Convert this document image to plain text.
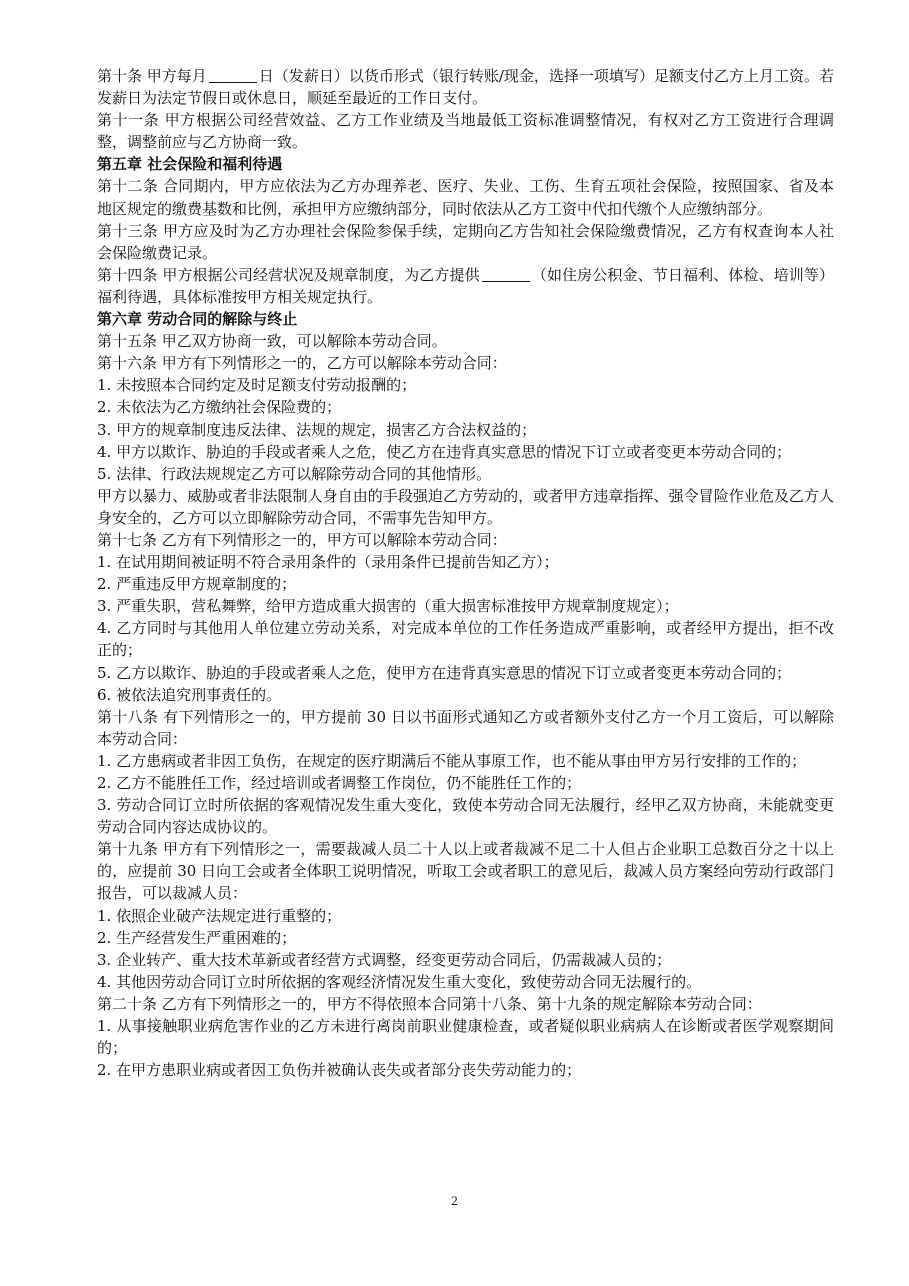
第十条 甲方每月	日（发薪日）以货币形式（银行转账/现金，选择一项填写）足额支付乙方上月工资。若发薪日为法定节假日或休息日，顺延至最近的工作日支付。

第十一条 甲方根据公司经营效益、乙方工作业绩及当地最低工资标准调整情况，有权对乙方工资进行合理调整，调整前应与乙方协商一致。

第五章 社会保险和福利待遇

第十二条 合同期内，甲方应依法为乙方办理养老、医疗、失业、工伤、生育五项社会保险，按照国家、省及本地区规定的缴费基数和比例，承担甲方应缴纳部分，同时依法从乙方工资中代扣代缴个人应缴纳部分。

第十三条 甲方应及时为乙方办理社会保险参保手续，定期向乙方告知社会保险缴费情况，乙方有权查询本人社会保险缴费记录。

第十四条 甲方根据公司经营状况及规章制度，为乙方提供	（如住房公积金、节日福利、体检、培训等）福利待遇，具体标准按甲方相关规定执行。

第六章 劳动合同的解除与终止

第十五条 甲乙双方协商一致，可以解除本劳动合同。

第十六条 甲方有下列情形之一的，乙方可以解除本劳动合同：

1. 未按照本合同约定及时足额支付劳动报酬的；

2. 未依法为乙方缴纳社会保险费的；

3. 甲方的规章制度违反法律、法规的规定，损害乙方合法权益的；

4. 甲方以欺诈、胁迫的手段或者乘人之危，使乙方在违背真实意思的情况下订立或者变更本劳动合同的；

5. 法律、行政法规规定乙方可以解除劳动合同的其他情形。

甲方以暴力、威胁或者非法限制人身自由的手段强迫乙方劳动的，或者甲方违章指挥、强令冒险作业危及乙方人身安全的，乙方可以立即解除劳动合同，不需事先告知甲方。

第十七条 乙方有下列情形之一的，甲方可以解除本劳动合同：

1. 在试用期间被证明不符合录用条件的（录用条件已提前告知乙方）；

2. 严重违反甲方规章制度的；

3. 严重失职，营私舞弊，给甲方造成重大损害的（重大损害标准按甲方规章制度规定）；

4. 乙方同时与其他用人单位建立劳动关系，对完成本单位的工作任务造成严重影响，或者经甲方提出，拒不改正的；

5. 乙方以欺诈、胁迫的手段或者乘人之危，使甲方在违背真实意思的情况下订立或者变更本劳动合同的；

6. 被依法追究刑事责任的。

第十八条 有下列情形之一的，甲方提前 30 日以书面形式通知乙方或者额外支付乙方一个月工资后，可以解除本劳动合同：

1. 乙方患病或者非因工负伤，在规定的医疗期满后不能从事原工作，也不能从事由甲方另行安排的工作的；

2. 乙方不能胜任工作，经过培训或者调整工作岗位，仍不能胜任工作的；

3. 劳动合同订立时所依据的客观情况发生重大变化，致使本劳动合同无法履行，经甲乙双方协商，未能就变更劳动合同内容达成协议的。

第十九条 甲方有下列情形之一，需要裁减人员二十人以上或者裁减不足二十人但占企业职工总数百分之十以上的，应提前 30 日向工会或者全体职工说明情况，听取工会或者职工的意见后，裁减人员方案经向劳动行政部门报告，可以裁减人员：

1. 依照企业破产法规定进行重整的；

2. 生产经营发生严重困难的；

3. 企业转产、重大技术革新或者经营方式调整，经变更劳动合同后，仍需裁减人员的；

4. 其他因劳动合同订立时所依据的客观经济情况发生重大变化，致使劳动合同无法履行的。

第二十条 乙方有下列情形之一的，甲方不得依照本合同第十八条、第十九条的规定解除本劳动合同：

1. 从事接触职业病危害作业的乙方未进行离岗前职业健康检查，或者疑似职业病病人在诊断或者医学观察期间的；

2. 在甲方患职业病或者因工负伤并被确认丧失或者部分丧失劳动能力的；

2
